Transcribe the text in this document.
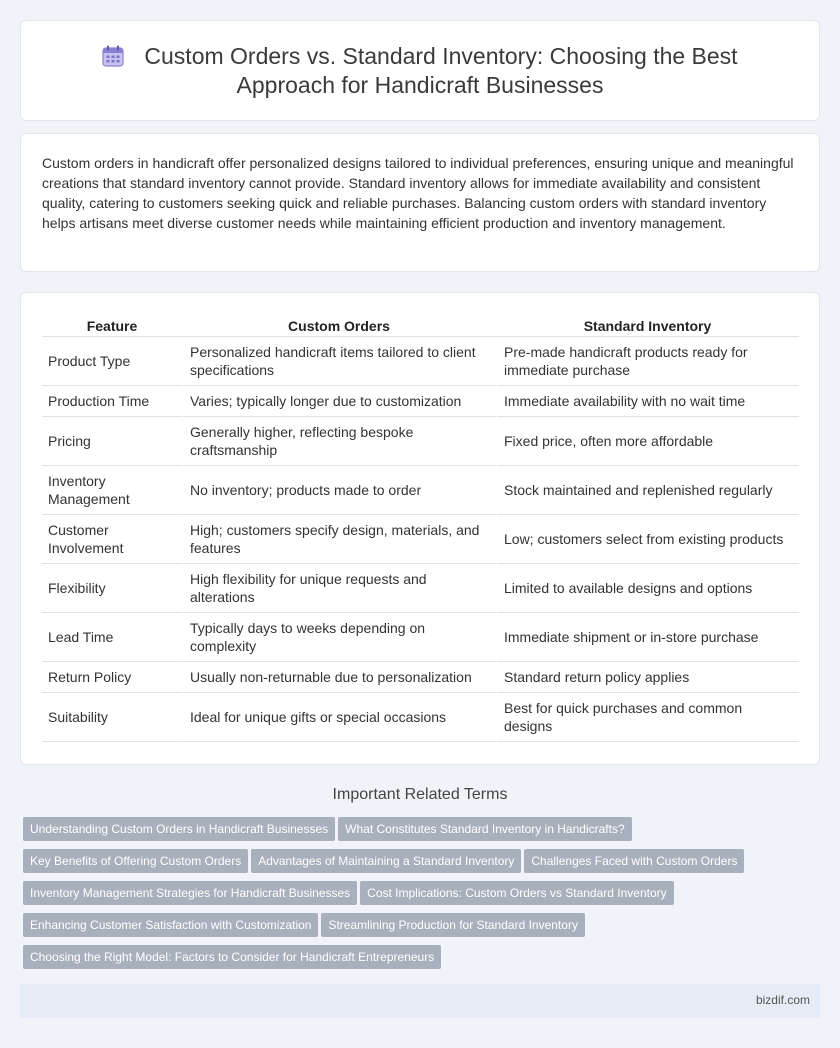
Custom Orders vs. Standard Inventory: Choosing the Best Approach for Handicraft Businesses

Custom orders in handicraft offer personalized designs tailored to individual preferences, ensuring unique and meaningful creations that standard inventory cannot provide. Standard inventory allows for immediate availability and consistent quality, catering to customers seeking quick and reliable purchases. Balancing custom orders with standard inventory helps artisans meet diverse customer needs while maintaining efficient production and inventory management.

Feature	Custom Orders	Standard Inventory
Product Type	Personalized handicraft items tailored to client specifications	Pre-made handicraft products ready for immediate purchase
Production Time	Varies; typically longer due to customization	Immediate availability with no wait time
Pricing	Generally higher, reflecting bespoke craftsmanship	Fixed price, often more affordable
Inventory Management	No inventory; products made to order	Stock maintained and replenished regularly
Customer Involvement	High; customers specify design, materials, and features	Low; customers select from existing products
Flexibility	High flexibility for unique requests and alterations	Limited to available designs and options
Lead Time	Typically days to weeks depending on complexity	Immediate shipment or in-store purchase
Return Policy	Usually non-returnable due to personalization	Standard return policy applies
Suitability	Ideal for unique gifts or special occasions	Best for quick purchases and common designs
Important Related Terms
Understanding Custom Orders in Handicraft Businesses What Constitutes Standard Inventory in Handicrafts?
Key Benefits of Offering Custom Orders Advantages of Maintaining a Standard Inventory Challenges Faced with Custom Orders
Inventory Management Strategies for Handicraft Businesses Cost Implications: Custom Orders vs Standard Inventory
Enhancing Customer Satisfaction with Customization Streamlining Production for Standard Inventory
Choosing the Right Model: Factors to Consider for Handicraft Entrepreneurs
bizdif.com
